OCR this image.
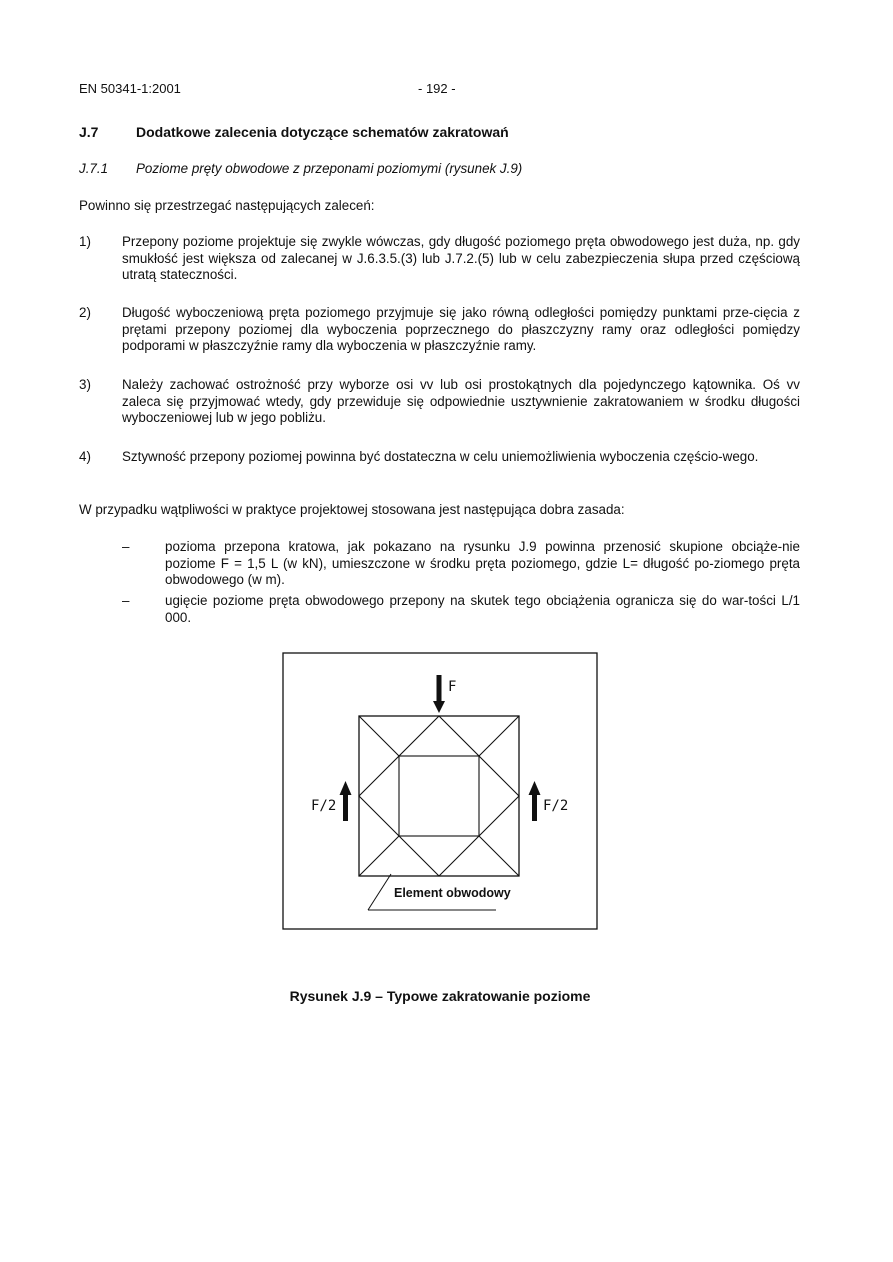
EN 50341-1:2001	- 192 -
J.7	Dodatkowe zalecenia dotyczące schematów zakratowań
J.7.1 Poziome pręty obwodowe z przeponami poziomymi (rysunek J.9)
Powinno się przestrzegać następujących zaleceń:
1) Przepony poziome projektuje się zwykle wówczas, gdy długość poziomego pręta obwodowego jest duża, np. gdy smukłość jest większa od zalecanej w J.6.3.5.(3) lub J.7.2.(5) lub w celu zabezpieczenia słupa przed częściową utratą stateczności.
2) Długość wyboczeniową pręta poziomego przyjmuje się jako równą odległości pomiędzy punktami prze-cięcia z prętami przepony poziomej dla wyboczenia poprzecznego do płaszczyzny ramy oraz odległości pomiędzy podporami w płaszczyźnie ramy dla wyboczenia w płaszczyźnie ramy.
3) Należy zachować ostrożność przy wyborze osi vv lub osi prostokątnych dla pojedynczego kątownika. Oś vv zaleca się przyjmować wtedy, gdy przewiduje się odpowiednie usztywnienie zakratowaniem w środku długości wyboczeniowej lub w jego pobliżu.
4) Sztywność przepony poziomej powinna być dostateczna w celu uniemożliwienia wyboczenia częścio-wego.
W przypadku wątpliwości w praktyce projektowej stosowana jest następująca dobra zasada:
–	pozioma przepona kratowa, jak pokazano na rysunku J.9 powinna przenosić skupione obciąże-nie poziome F = 1,5 L (w kN), umieszczone w środku pręta poziomego, gdzie L= długość po-ziomego pręta obwodowego (w m).
–	ugięcie poziome pręta obwodowego przepony na skutek tego obciążenia ogranicza się do war-tości L/1 000.
F
F/2	F/2
Element obwodowy
Rysunek J.9 – Typowe zakratowanie poziome
